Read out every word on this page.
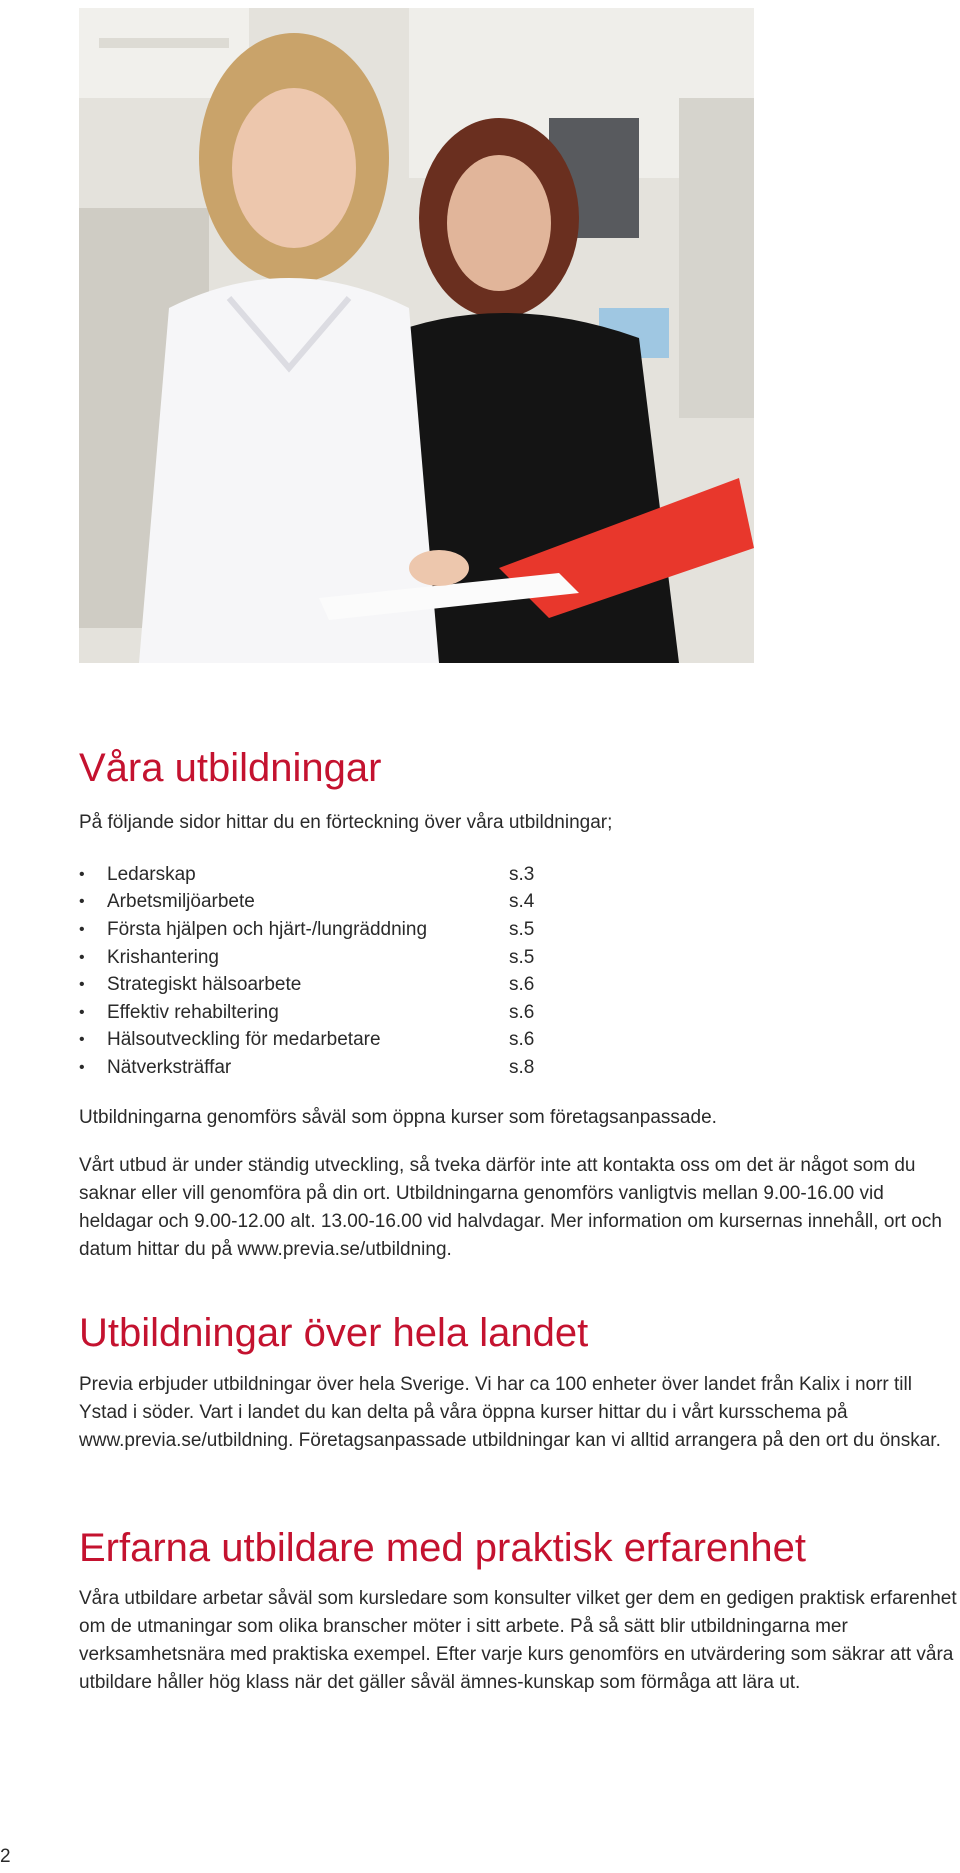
Våra utbildningar

På följande sidor hittar du en förteckning över våra utbildningar;

•	Ledarskap	s.3
•	Arbetsmiljöarbete	s.4
•	Första hjälpen och hjärt-/lungräddning	s.5
•	Krishantering	s.5
•	Strategiskt hälsoarbete	s.6
•	Effektiv rehabiltering	s.6
•	Hälsoutveckling för medarbetare	s.6
•	Nätverksträffar	s.8

Utbildningarna genomförs såväl som öppna kurser som företagsanpassade.

Vårt utbud är under ständig utveckling, så tveka därför inte att kontakta oss om det är något som du saknar eller vill genomföra på din ort. Utbildningarna genomförs vanligtvis mellan 9.00-16.00 vid heldagar och 9.00-12.00 alt. 13.00-16.00 vid halvdagar. Mer information om kursernas innehåll, ort och datum hittar du på www.previa.se/utbildning.

Utbildningar över hela landet

Previa erbjuder utbildningar över hela Sverige. Vi har ca 100 enheter över landet från Kalix i norr till Ystad i söder. Vart i landet du kan delta på våra öppna kurser hittar du i vårt kursschema på www.previa.se/utbildning. Företagsanpassade utbildningar kan vi alltid arrangera på den ort du önskar.

Erfarna utbildare med praktisk erfarenhet

Våra utbildare arbetar såväl som kursledare som konsulter vilket ger dem en gedigen praktisk erfarenhet om de utmaningar som olika branscher möter i sitt arbete. På så sätt blir utbildningarna mer verksamhetsnära med praktiska exempel. Efter varje kurs genomförs en utvärdering som säkrar att våra utbildare håller hög klass när det gäller såväl ämnes-kunskap som förmåga att lära ut.

2
